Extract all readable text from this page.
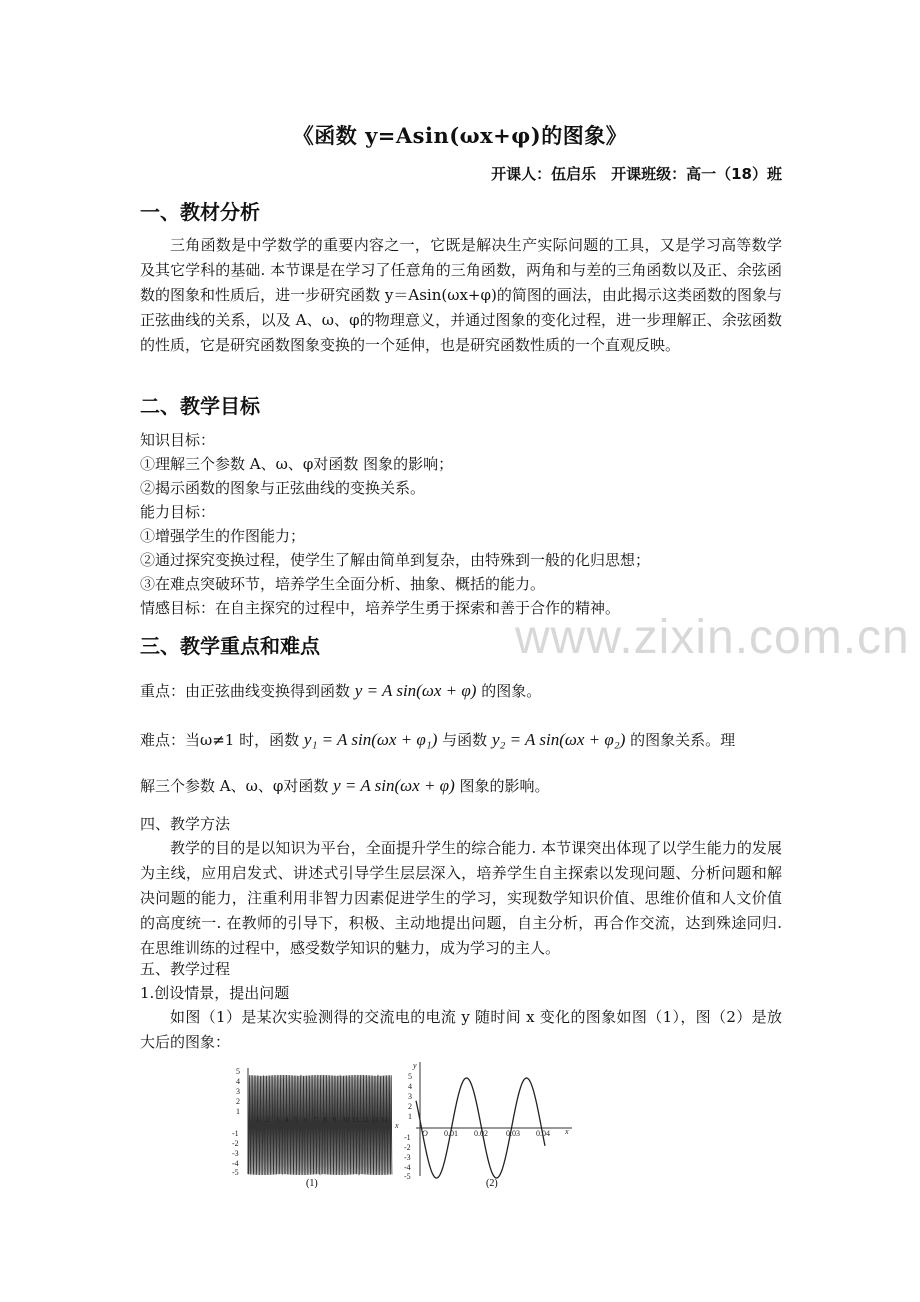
《函数 y=Asin(ωx+φ)的图象》
开课人：伍启乐　开课班级：高一（18）班
一、教材分析
三角函数是中学数学的重要内容之一，它既是解决生产实际问题的工具，又是学习高等数学及其它学科的基础. 本节课是在学习了任意角的三角函数，两角和与差的三角函数以及正、余弦函数的图象和性质后，进一步研究函数 y＝Asin(ωx+φ)的简图的画法，由此揭示这类函数的图象与正弦曲线的关系，以及 A、ω、φ的物理意义，并通过图象的变化过程，进一步理解正、余弦函数的性质，它是研究函数图象变换的一个延伸，也是研究函数性质的一个直观反映。
二、教学目标
知识目标：
①理解三个参数 A、ω、φ对函数 图象的影响；
②揭示函数的图象与正弦曲线的变换关系。
能力目标：
①增强学生的作图能力；
②通过探究变换过程，使学生了解由简单到复杂，由特殊到一般的化归思想；
③在难点突破环节，培养学生全面分析、抽象、概括的能力。
情感目标：在自主探究的过程中，培养学生勇于探索和善于合作的精神。
www.zixin.com.cn
三、教学重点和难点
重点：由正弦曲线变换得到函数 y = A sin(ωx + φ) 的图象。
难点：当ω≠1 时，函数 y₁ = A sin(ωx + φ₁) 与函数 y₂ = A sin(ωx + φ₂) 的图象关系。理
解三个参数 A、ω、φ对函数 y = A sin(ωx + φ) 图象的影响。
四、教学方法
教学的目的是以知识为平台，全面提升学生的综合能力. 本节课突出体现了以学生能力的发展为主线，应用启发式、讲述式引导学生层层深入，培养学生自主探索以发现问题、分析问题和解决问题的能力，注重利用非智力因素促进学生的学习，实现数学知识价值、思维价值和人文价值的高度统一. 在教师的引导下，积极、主动地提出问题，自主分析，再合作交流，达到殊途同归. 在思维训练的过程中，感受数学知识的魅力，成为学习的主人。
五、教学过程
1.创设情景，提出问题
如图（1）是某次实验测得的交流电的电流 y 随时间 x 变化的图象如图（1），图（2）是放大后的图象：
5
4
3
2
1
-1
-2
-3
-4
-5
x
1 2 3 4 5 6 7 8 9 10 11 12 13 14
(1)
y
x
O
5
4
3
2
1
-1
-2
-3
-4
-5
0.01 0.02 0.03 0.04
(2)
